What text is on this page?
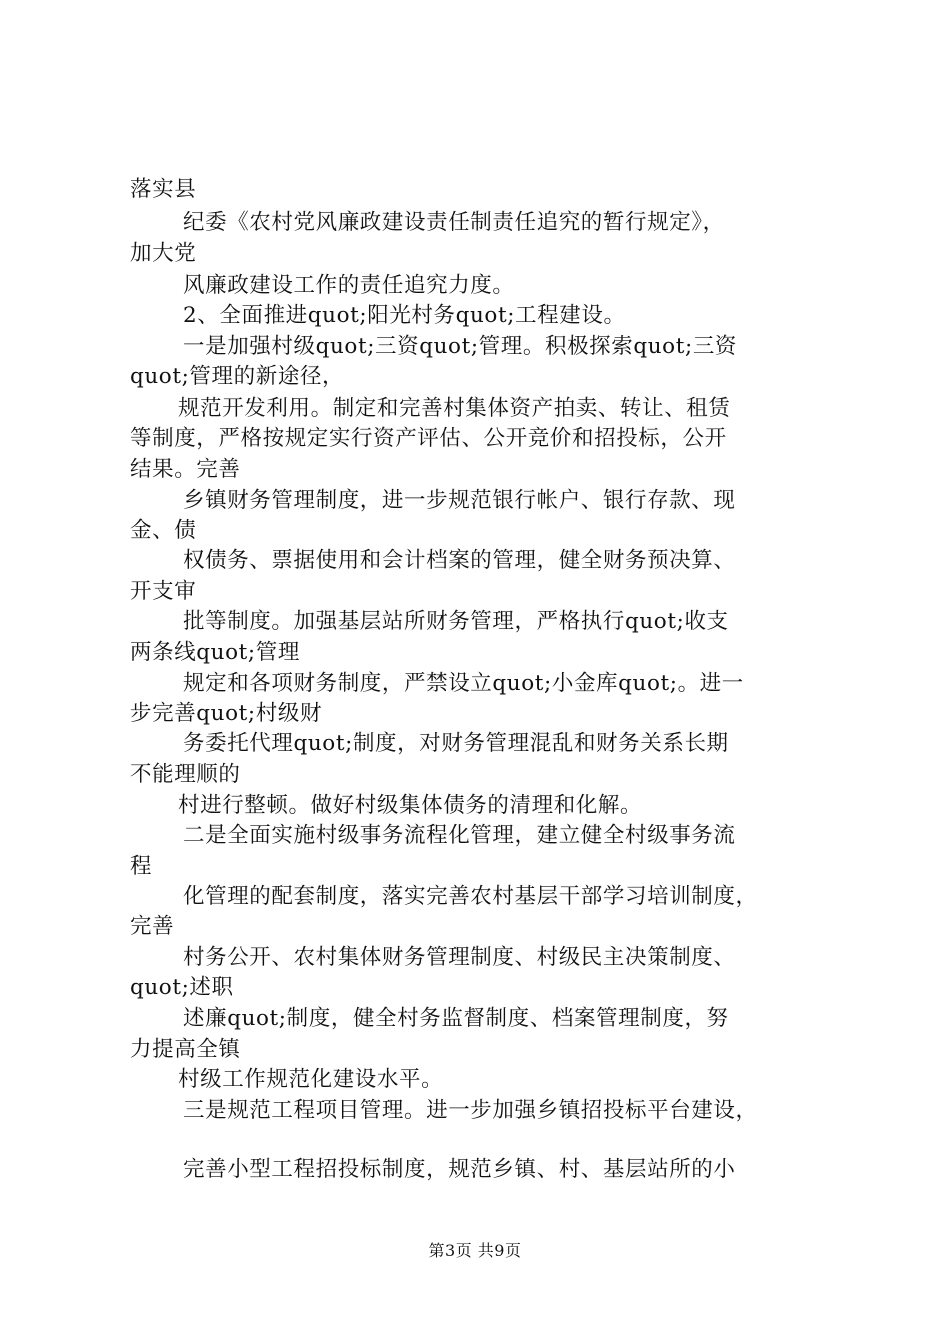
落实县
纪委《农村党风廉政建设责任制责任追究的暂行规定》，
加大党
风廉政建设工作的责任追究力度。
2、全面推进quot;阳光村务quot;工程建设。
一是加强村级quot;三资quot;管理。积极探索quot;三资
quot;管理的新途径，
规范开发利用。制定和完善村集体资产拍卖、转让、租赁
等制度，严格按规定实行资产评估、公开竞价和招投标，公开
结果。完善
乡镇财务管理制度，进一步规范银行帐户、银行存款、现
金、债
权债务、票据使用和会计档案的管理，健全财务预决算、
开支审
批等制度。加强基层站所财务管理，严格执行quot;收支
两条线quot;管理
规定和各项财务制度，严禁设立quot;小金库quot;。进一
步完善quot;村级财
务委托代理quot;制度，对财务管理混乱和财务关系长期
不能理顺的
村进行整顿。做好村级集体债务的清理和化解。
二是全面实施村级事务流程化管理，建立健全村级事务流
程
化管理的配套制度，落实完善农村基层干部学习培训制度，
完善
村务公开、农村集体财务管理制度、村级民主决策制度、
quot;述职
述廉quot;制度，健全村务监督制度、档案管理制度，努
力提高全镇
村级工作规范化建设水平。
三是规范工程项目管理。进一步加强乡镇招投标平台建设，
完善小型工程招投标制度，规范乡镇、村、基层站所的小
第3页 共9页
